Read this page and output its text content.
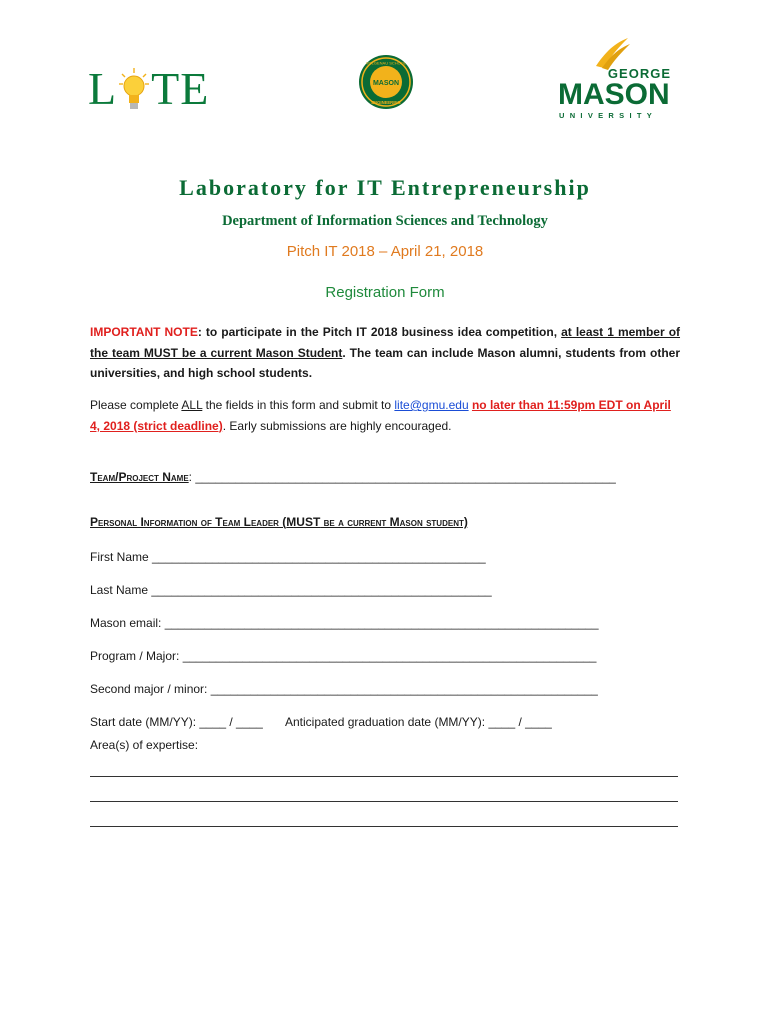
L TE	VOLGENAU SCHOOL
MASON
ENGINEERING
GEORGE
MASON
UNIVERSITY
Laboratory for IT Entrepreneurship
Department of Information Sciences and Technology
Pitch IT 2018 – April 21, 2018
Registration Form
IMPORTANT NOTE: to participate in the Pitch IT 2018 business idea competition, at least 1 member of the team MUST be a current Mason Student. The team can include Mason alumni, students from other universities, and high school students.
Please complete ALL the fields in this form and submit to lite@gmu.edu no later than 11:59pm EDT on April 4, 2018 (strict deadline). Early submissions are highly encouraged.
Team/Project Name: _______________________________________________________________
Personal Information of Team Leader (MUST be a current Mason student)
First Name __________________________________________________
Last Name ___________________________________________________
Mason email: _________________________________________________________________
Program / Major: ______________________________________________________________
Second major / minor: __________________________________________________________
Start date (MM/YY): ____ / ____ Anticipated graduation date (MM/YY): ____ / ____
Area(s) of expertise:
